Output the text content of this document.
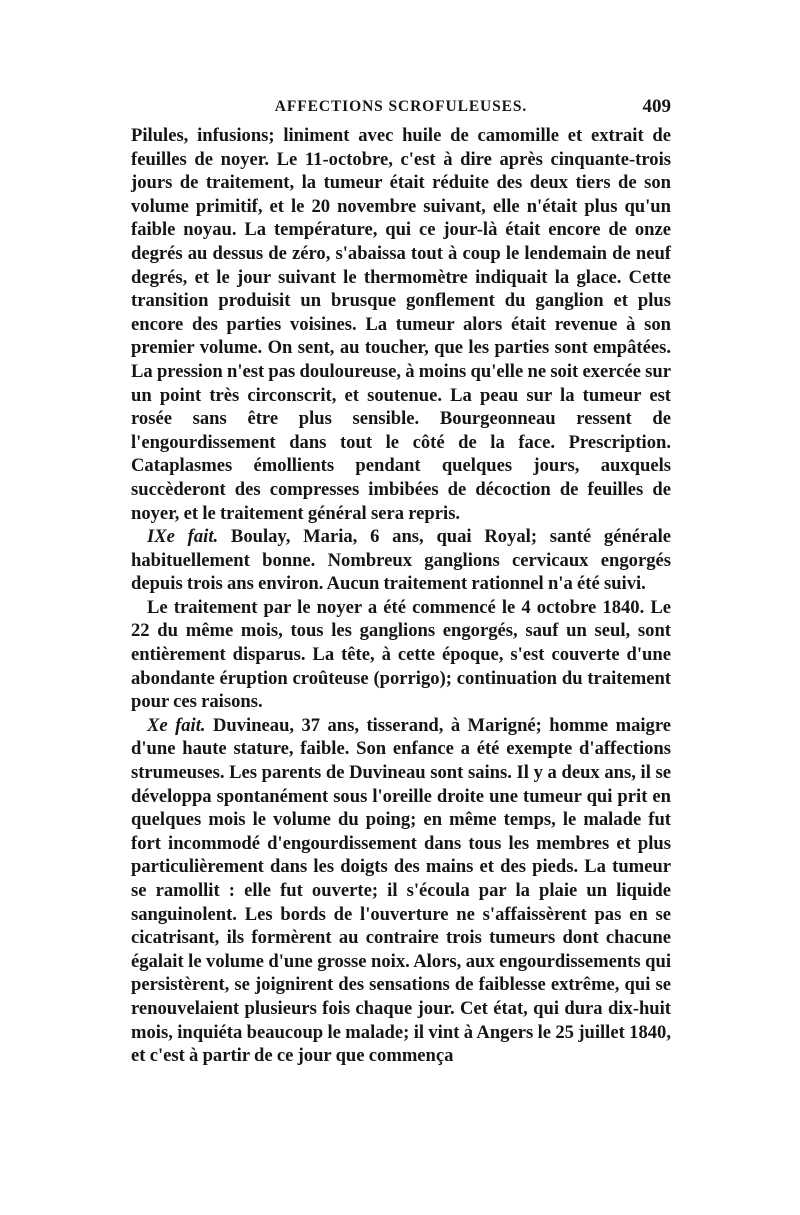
AFFECTIONS SCROFULEUSES.	409

Pilules, infusions; liniment avec huile de camomille et extrait de feuilles de noyer. Le 11-octobre, c'est à dire après cinquante-trois jours de traitement, la tumeur était réduite des deux tiers de son volume primitif, et le 20 novembre suivant, elle n'était plus qu'un faible noyau. La température, qui ce jour-là était encore de onze degrés au dessus de zéro, s'abaissa tout à coup le lendemain de neuf degrés, et le jour suivant le thermomètre indiquait la glace. Cette transition produisit un brusque gonflement du ganglion et plus encore des parties voisines. La tumeur alors était revenue à son premier volume. On sent, au toucher, que les parties sont empâtées. La pression n'est pas douloureuse, à moins qu'elle ne soit exercée sur un point très circonscrit, et soutenue. La peau sur la tumeur est rosée sans être plus sensible. Bourgeonneau ressent de l'engourdissement dans tout le côté de la face. Prescription. Cataplasmes émollients pendant quelques jours, auxquels succèderont des compresses imbibées de décoction de feuilles de noyer, et le traitement général sera repris.

IXe fait. Boulay, Maria, 6 ans, quai Royal; santé générale habituellement bonne. Nombreux ganglions cervicaux engorgés depuis trois ans environ. Aucun traitement rationnel n'a été suivi.

Le traitement par le noyer a été commencé le 4 octobre 1840. Le 22 du même mois, tous les ganglions engorgés, sauf un seul, sont entièrement disparus. La tête, à cette époque, s'est couverte d'une abondante éruption croûteuse (porrigo); continuation du traitement pour ces raisons.

Xe fait. Duvineau, 37 ans, tisserand, à Marigné; homme maigre d'une haute stature, faible. Son enfance a été exempte d'affections strumeuses. Les parents de Duvineau sont sains. Il y a deux ans, il se développa spontanément sous l'oreille droite une tumeur qui prit en quelques mois le volume du poing; en même temps, le malade fut fort incommodé d'engourdissement dans tous les membres et plus particulièrement dans les doigts des mains et des pieds. La tumeur se ramollit : elle fut ouverte; il s'écoula par la plaie un liquide sanguinolent. Les bords de l'ouverture ne s'affaissèrent pas en se cicatrisant, ils formèrent au contraire trois tumeurs dont chacune égalait le volume d'une grosse noix. Alors, aux engourdissements qui persistèrent, se joignirent des sensations de faiblesse extrême, qui se renouvelaient plusieurs fois chaque jour. Cet état, qui dura dix-huit mois, inquiéta beaucoup le malade; il vint à Angers le 25 juillet 1840, et c'est à partir de ce jour que commença
